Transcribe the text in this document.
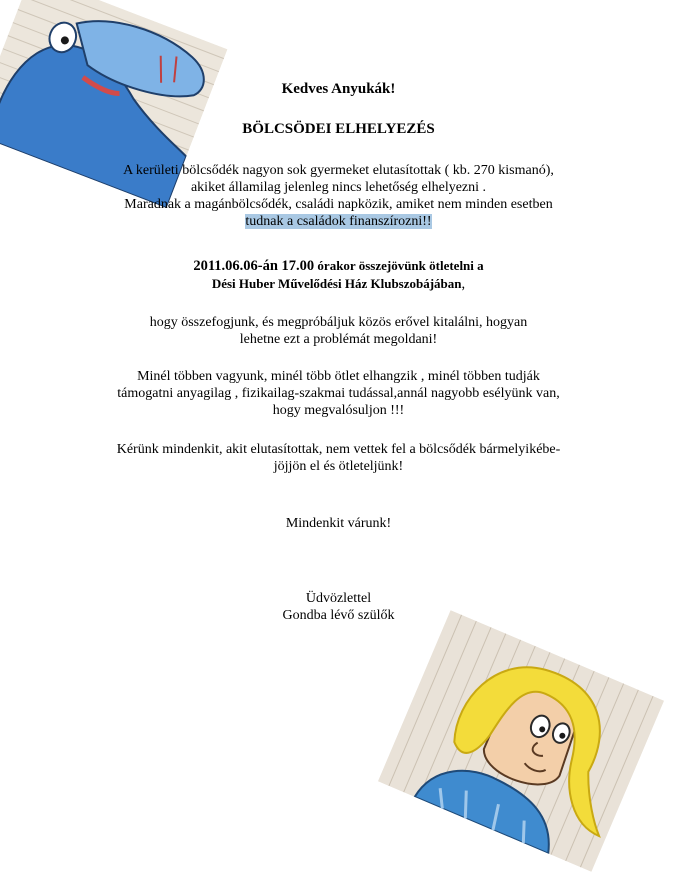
Kedves Anyukák!
BÖLCSÖDEI ELHELYEZÉS
A kerületi bölcsődék nagyon sok gyermeket elutasítottak ( kb. 270 kismanó),
akiket államilag jelenleg nincs lehetőség elhelyezni .
Maradnak a magánbölcsődék, családi napközik, amiket nem minden esetben
tudnak a családok finanszírozni!!
2011.06.06-án 17.00 órakor összejövünk ötletelni a
Dési Huber Művelődési Ház Klubszobájában,
hogy összefogjunk, és megpróbáljuk közös erővel kitalálni, hogyan
lehetne ezt a problémát megoldani!
Minél többen vagyunk, minél több ötlet elhangzik , minél többen tudják
támogatni anyagilag , fizikailag-szakmai tudással,annál nagyobb esélyünk van,
hogy megvalósuljon !!!
Kérünk mindenkit, akit elutasítottak, nem vettek fel a bölcsődék bármelyikébe-
jöjjön el és ötleteljünk!
Mindenkit várunk!
Üdvözlettel
Gondba lévő szülők
